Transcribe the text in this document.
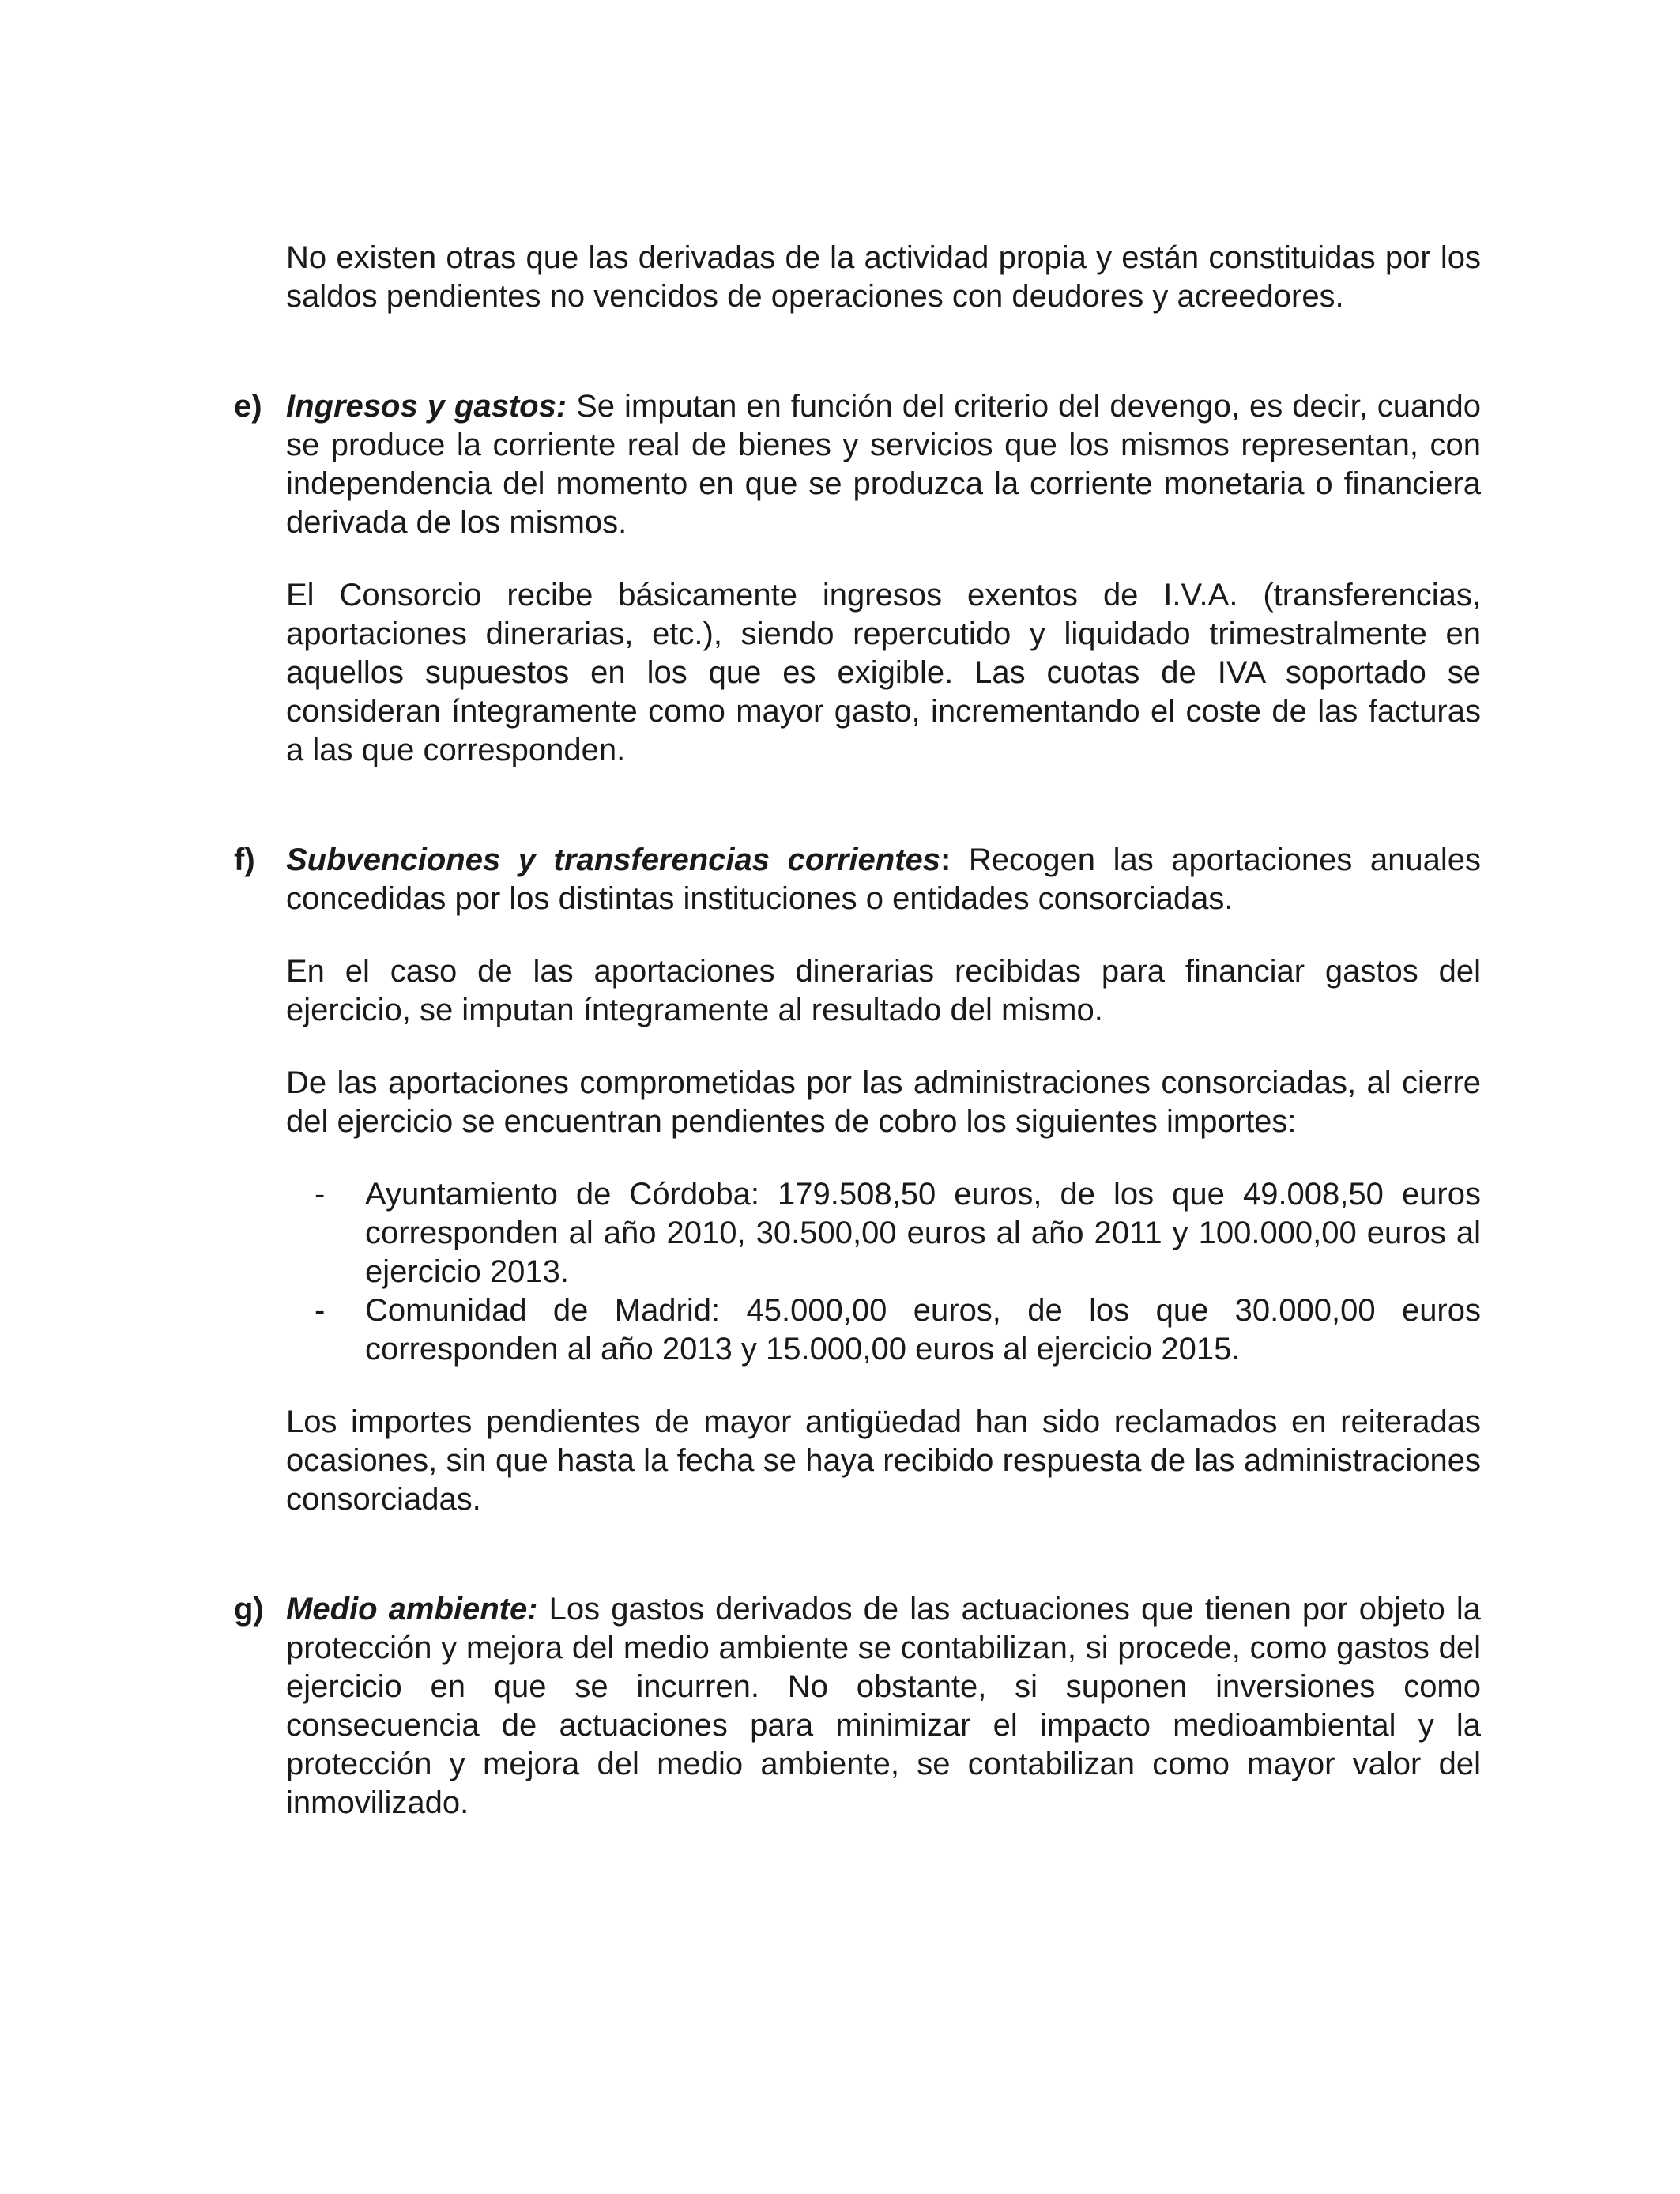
No existen otras que las derivadas de la actividad propia y están constituidas por los saldos pendientes no vencidos de operaciones con deudores y acreedores.

e) Ingresos y gastos: Se imputan en función del criterio del devengo, es decir, cuando se produce la corriente real de bienes y servicios que los mismos representan, con independencia del momento en que se produzca la corriente monetaria o financiera derivada de los mismos.

El Consorcio recibe básicamente ingresos exentos de I.V.A. (transferencias, aportaciones dinerarias, etc.), siendo repercutido y liquidado trimestralmente en aquellos supuestos en los que es exigible. Las cuotas de IVA soportado se consideran íntegramente como mayor gasto, incrementando el coste de las facturas a las que corresponden.

f) Subvenciones y transferencias corrientes: Recogen las aportaciones anuales concedidas por los distintas instituciones o entidades consorciadas.

En el caso de las aportaciones dinerarias recibidas para financiar gastos del ejercicio, se imputan íntegramente al resultado del mismo.

De las aportaciones comprometidas por las administraciones consorciadas, al cierre del ejercicio se encuentran pendientes de cobro los siguientes importes:

- Ayuntamiento de Córdoba: 179.508,50 euros, de los que 49.008,50 euros corresponden al año 2010, 30.500,00 euros al año 2011 y 100.000,00 euros al ejercicio 2013.
- Comunidad de Madrid: 45.000,00 euros, de los que 30.000,00 euros corresponden al año 2013 y 15.000,00 euros al ejercicio 2015.

Los importes pendientes de mayor antigüedad han sido reclamados en reiteradas ocasiones, sin que hasta la fecha se haya recibido respuesta de las administraciones consorciadas.

g) Medio ambiente: Los gastos derivados de las actuaciones que tienen por objeto la protección y mejora del medio ambiente se contabilizan, si procede, como gastos del ejercicio en que se incurren. No obstante, si suponen inversiones como consecuencia de actuaciones para minimizar el impacto medioambiental y la protección y mejora del medio ambiente, se contabilizan como mayor valor del inmovilizado.
